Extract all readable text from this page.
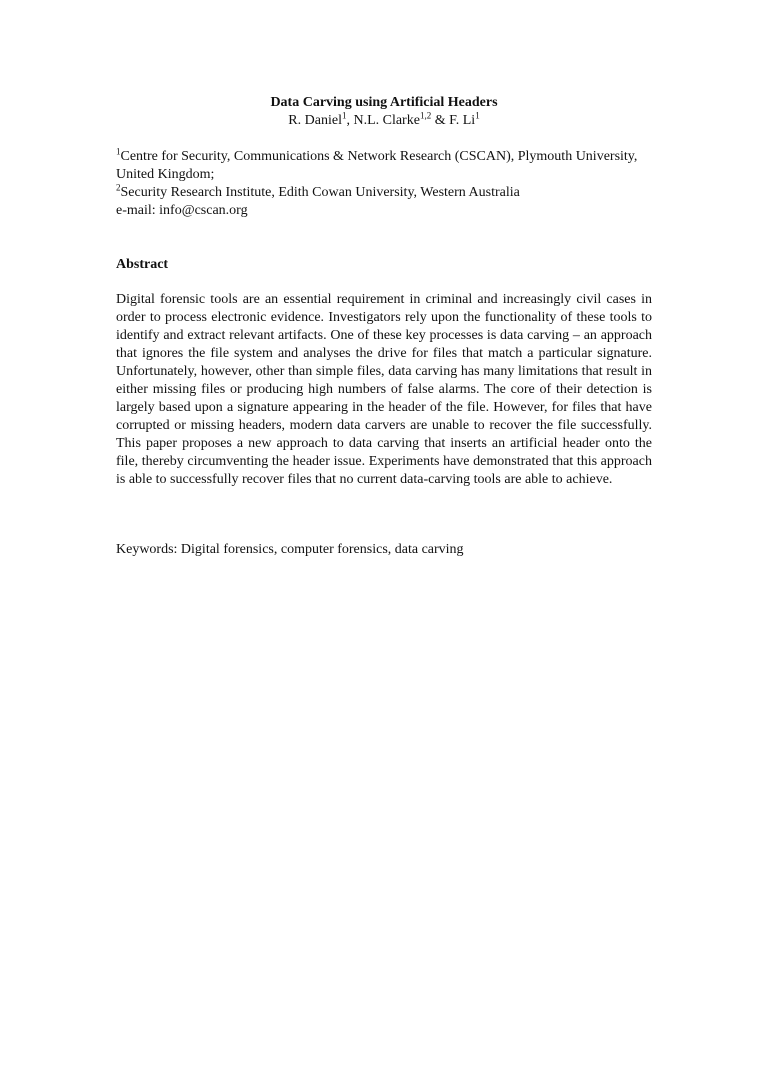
Data Carving using Artificial Headers
R. Daniel$^1$, N.L. Clarke$^{1,2}$ & F. Li$^1$
$^1$Centre for Security, Communications & Network Research (CSCAN), Plymouth University, United Kingdom;
$^2$Security Research Institute, Edith Cowan University, Western Australia
e-mail: info@cscan.org
Abstract
Digital forensic tools are an essential requirement in criminal and increasingly civil cases in order to process electronic evidence. Investigators rely upon the functionality of these tools to identify and extract relevant artifacts. One of these key processes is data carving – an approach that ignores the file system and analyses the drive for files that match a particular signature. Unfortunately, however, other than simple files, data carving has many limitations that result in either missing files or producing high numbers of false alarms. The core of their detection is largely based upon a signature appearing in the header of the file. However, for files that have corrupted or missing headers, modern data carvers are unable to recover the file successfully. This paper proposes a new approach to data carving that inserts an artificial header onto the file, thereby circumventing the header issue. Experiments have demonstrated that this approach is able to successfully recover files that no current data-carving tools are able to achieve.
Keywords: Digital forensics, computer forensics, data carving
